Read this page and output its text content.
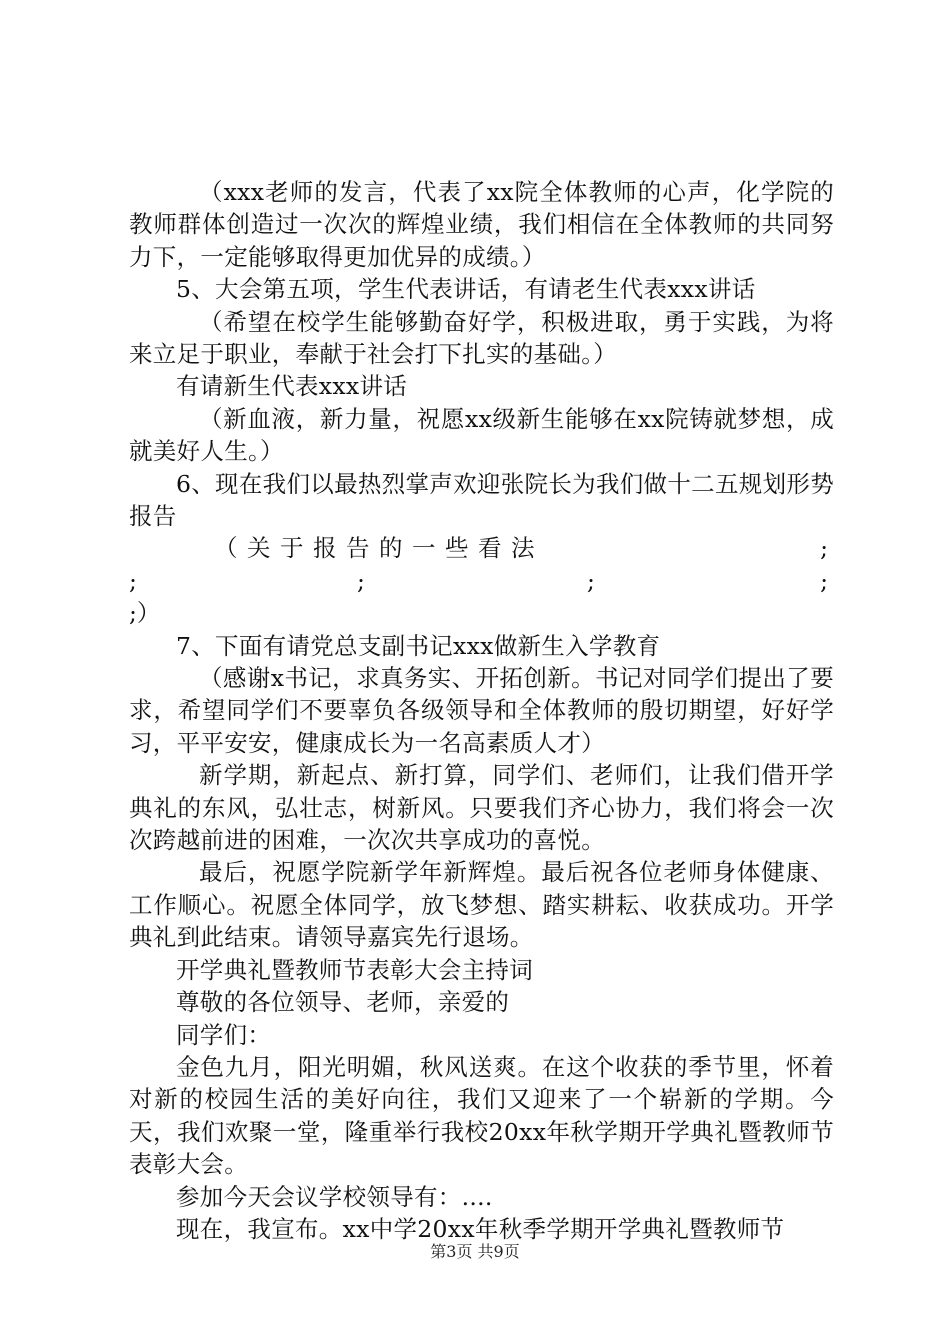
（xxx老师的发言，代表了xx院全体教师的心声，化学院的教师群体创造过一次次的辉煌业绩，我们相信在全体教师的共同努力下，一定能够取得更加优异的成绩。）

5、大会第五项，学生代表讲话，有请老生代表xxx讲话

（希望在校学生能够勤奋好学，积极进取，勇于实践，为将来立足于职业，奉献于社会打下扎实的基础。）

有请新生代表xxx讲话

（新血液，新力量，祝愿xx级新生能够在xx院铸就梦想，成就美好人生。）

6、现在我们以最热烈掌声欢迎张院长为我们做十二五规划形势报告

（关于报告的一些看法	;
;	;	;	;
;）

7、下面有请党总支副书记xxx做新生入学教育

（感谢x书记，求真务实、开拓创新。书记对同学们提出了要求，希望同学们不要辜负各级领导和全体教师的殷切期望，好好学习，平平安安，健康成长为一名高素质人才）

新学期，新起点、新打算，同学们、老师们，让我们借开学典礼的东风，弘壮志，树新风。只要我们齐心协力，我们将会一次次跨越前进的困难，一次次共享成功的喜悦。

最后，祝愿学院新学年新辉煌。最后祝各位老师身体健康、工作顺心。祝愿全体同学，放飞梦想、踏实耕耘、收获成功。开学典礼到此结束。请领导嘉宾先行退场。

开学典礼暨教师节表彰大会主持词

尊敬的各位领导、老师，亲爱的

同学们：

金色九月，阳光明媚，秋风送爽。在这个收获的季节里，怀着对新的校园生活的美好向往，我们又迎来了一个崭新的学期。今天，我们欢聚一堂，隆重举行我校20xx年秋学期开学典礼暨教师节表彰大会。

参加今天会议学校领导有：....

现在，我宣布。xx中学20xx年秋季学期开学典礼暨教师节

第3页 共9页
